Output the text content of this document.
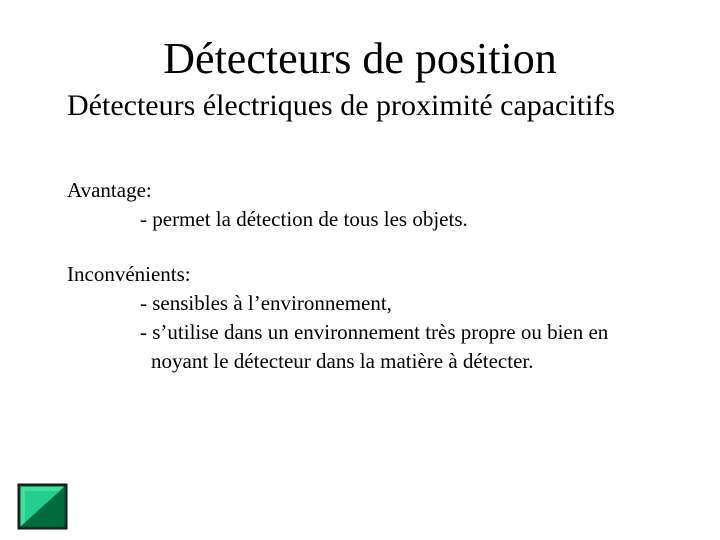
Détecteurs de position
Détecteurs électriques de proximité capacitifs
Avantage:
- permet la détection de tous les objets.
Inconvénients:
- sensibles à l’environnement,
- s’utilise dans un environnement très propre ou bien en
noyant le détecteur dans la matière à détecter.
